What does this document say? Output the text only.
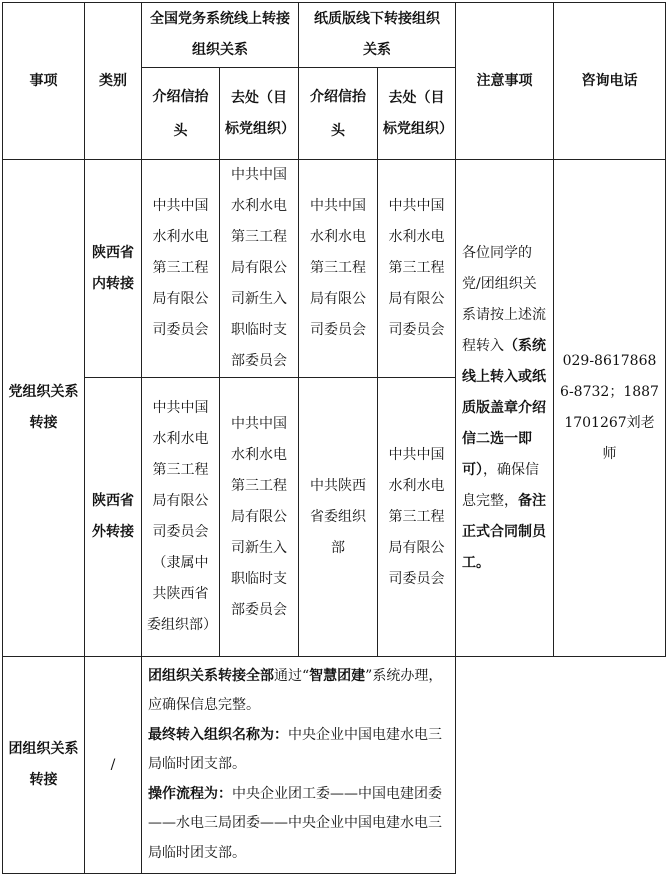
事项	类别	全国党务系统线上转接组织关系		纸质版线下转接组织关系		注意事项	咨询电话
		介绍信抬头	去处（目标党组织）	介绍信抬头	去处（目标党组织）		
党组织关系转接	陕西省内转接	中共中国水利水电第三工程局有限公司委员会	中共中国水利水电第三工程局有限公司新生入职临时支部委员会	中共中国水利水电第三工程局有限公司委员会	中共中国水利水电第三工程局有限公司委员会	各位同学的党/团组织关系请按上述流程转入（系统线上转入或纸质版盖章介绍信二选一即可），确保信息完整，备注正式合同制员工。	029-86178686-8732；18871701267刘老师
	陕西省外转接	中共中国水利水电第三工程局有限公司委员会（隶属中共陕西省委组织部）	中共中国水利水电第三工程局有限公司新生入职临时支部委员会	中共陕西省委组织部	中共中国水利水电第三工程局有限公司委员会		
团组织关系转接	/	团组织关系转接全部通过“智慧团建”系统办理，应确保信息完整。
最终转入组织名称为：中央企业中国电建水电三局临时团支部。
操作流程为：中央企业团工委——中国电建团委——水电三局团委——中央企业中国电建水电三局临时团支部。					
